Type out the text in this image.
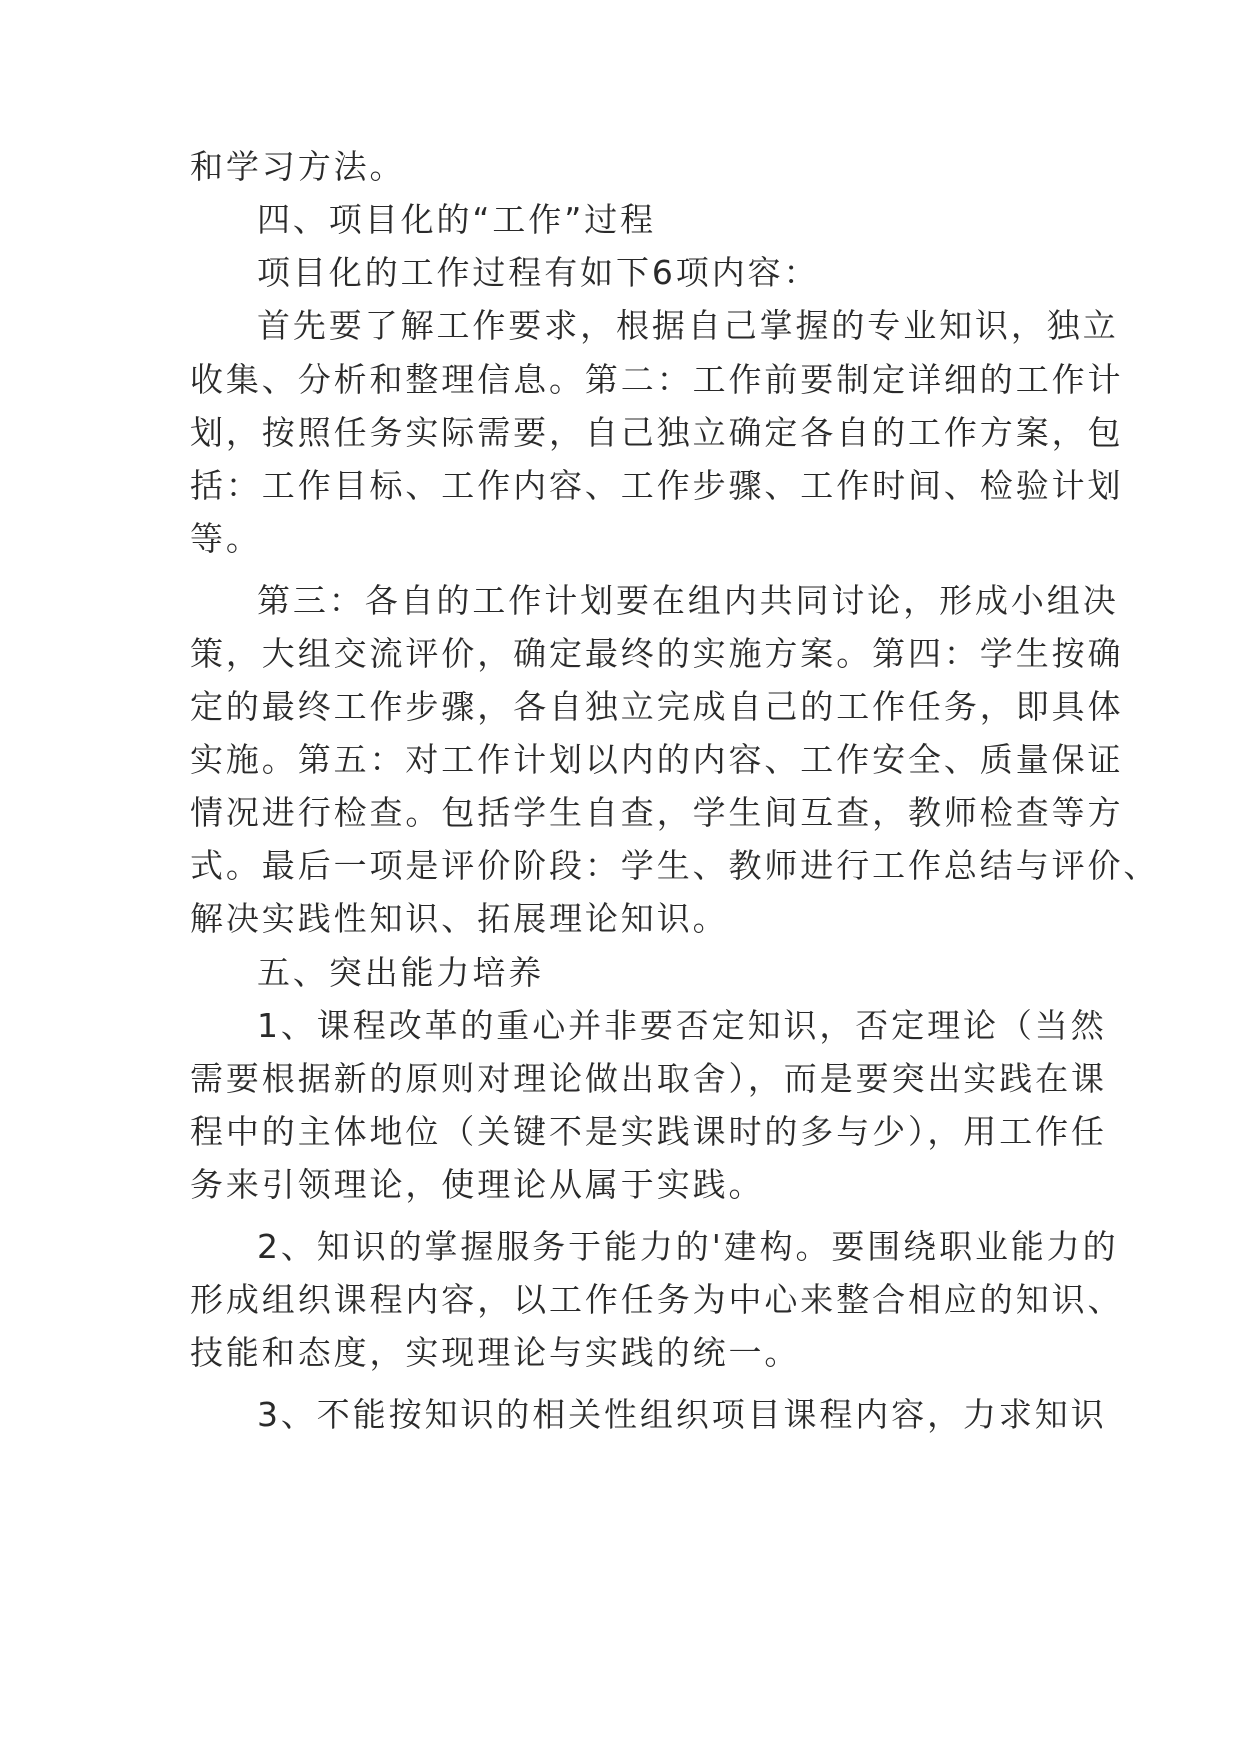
和学习方法。

四、项目化的“工作”过程

项目化的工作过程有如下6项内容：

首先要了解工作要求，根据自己掌握的专业知识，独立

收集、分析和整理信息。第二：工作前要制定详细的工作计

划，按照任务实际需要，自己独立确定各自的工作方案，包

括：工作目标、工作内容、工作步骤、工作时间、检验计划

等。

第三：各自的工作计划要在组内共同讨论，形成小组决

策，大组交流评价，确定最终的实施方案。第四：学生按确

定的最终工作步骤，各自独立完成自己的工作任务，即具体

实施。第五：对工作计划以内的内容、工作安全、质量保证

情况进行检查。包括学生自查，学生间互查，教师检查等方

式。最后一项是评价阶段：学生、教师进行工作总结与评价、

解决实践性知识、拓展理论知识。

五、突出能力培养

1、课程改革的重心并非要否定知识，否定理论（当然

需要根据新的原则对理论做出取舍），而是要突出实践在课

程中的主体地位（关键不是实践课时的多与少），用工作任

务来引领理论，使理论从属于实践。

2、知识的掌握服务于能力的'建构。要围绕职业能力的

形成组织课程内容，以工作任务为中心来整合相应的知识、

技能和态度，实现理论与实践的统一。

3、不能按知识的相关性组织项目课程内容，力求知识
